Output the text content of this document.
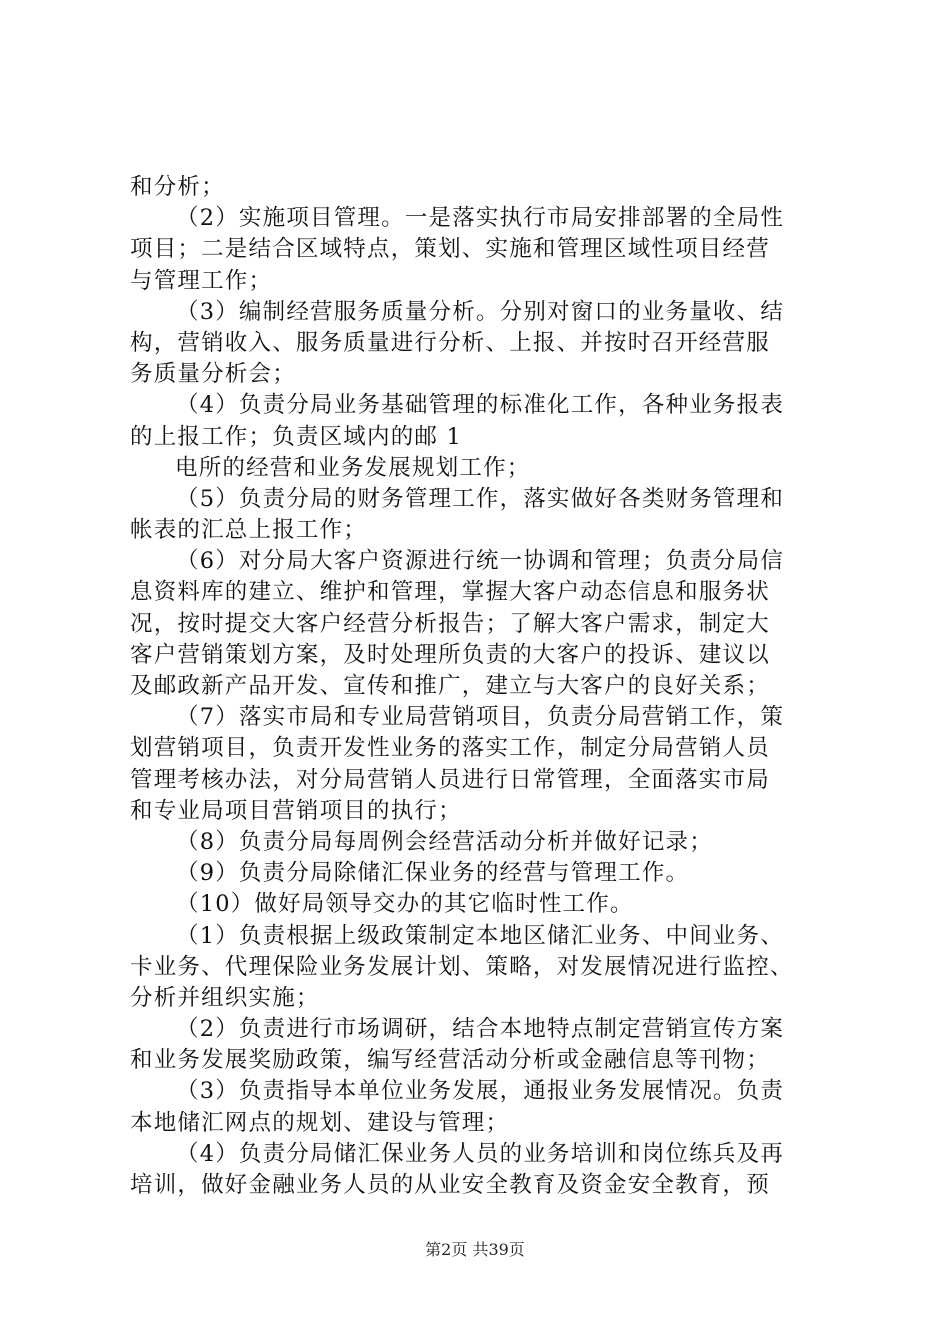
和分析；
（2）实施项目管理。一是落实执行市局安排部署的全局性
项目；二是结合区域特点，策划、实施和管理区域性项目经营
与管理工作；
（3）编制经营服务质量分析。分别对窗口的业务量收、结
构，营销收入、服务质量进行分析、上报、并按时召开经营服
务质量分析会；
（4）负责分局业务基础管理的标准化工作，各种业务报表
的上报工作；负责区域内的邮 1
电所的经营和业务发展规划工作；
（5）负责分局的财务管理工作，落实做好各类财务管理和
帐表的汇总上报工作；
（6）对分局大客户资源进行统一协调和管理；负责分局信
息资料库的建立、维护和管理，掌握大客户动态信息和服务状
况，按时提交大客户经营分析报告；了解大客户需求，制定大
客户营销策划方案，及时处理所负责的大客户的投诉、建议以
及邮政新产品开发、宣传和推广，建立与大客户的良好关系；
（7）落实市局和专业局营销项目，负责分局营销工作，策
划营销项目，负责开发性业务的落实工作，制定分局营销人员
管理考核办法，对分局营销人员进行日常管理，全面落实市局
和专业局项目营销项目的执行；
（8）负责分局每周例会经营活动分析并做好记录；
（9）负责分局除储汇保业务的经营与管理工作。
（10）做好局领导交办的其它临时性工作。
（1）负责根据上级政策制定本地区储汇业务、中间业务、
卡业务、代理保险业务发展计划、策略，对发展情况进行监控、
分析并组织实施；
（2）负责进行市场调研，结合本地特点制定营销宣传方案
和业务发展奖励政策，编写经营活动分析或金融信息等刊物；
（3）负责指导本单位业务发展，通报业务发展情况。负责
本地储汇网点的规划、建设与管理；
（4）负责分局储汇保业务人员的业务培训和岗位练兵及再
培训，做好金融业务人员的从业安全教育及资金安全教育，预
第2页 共39页
